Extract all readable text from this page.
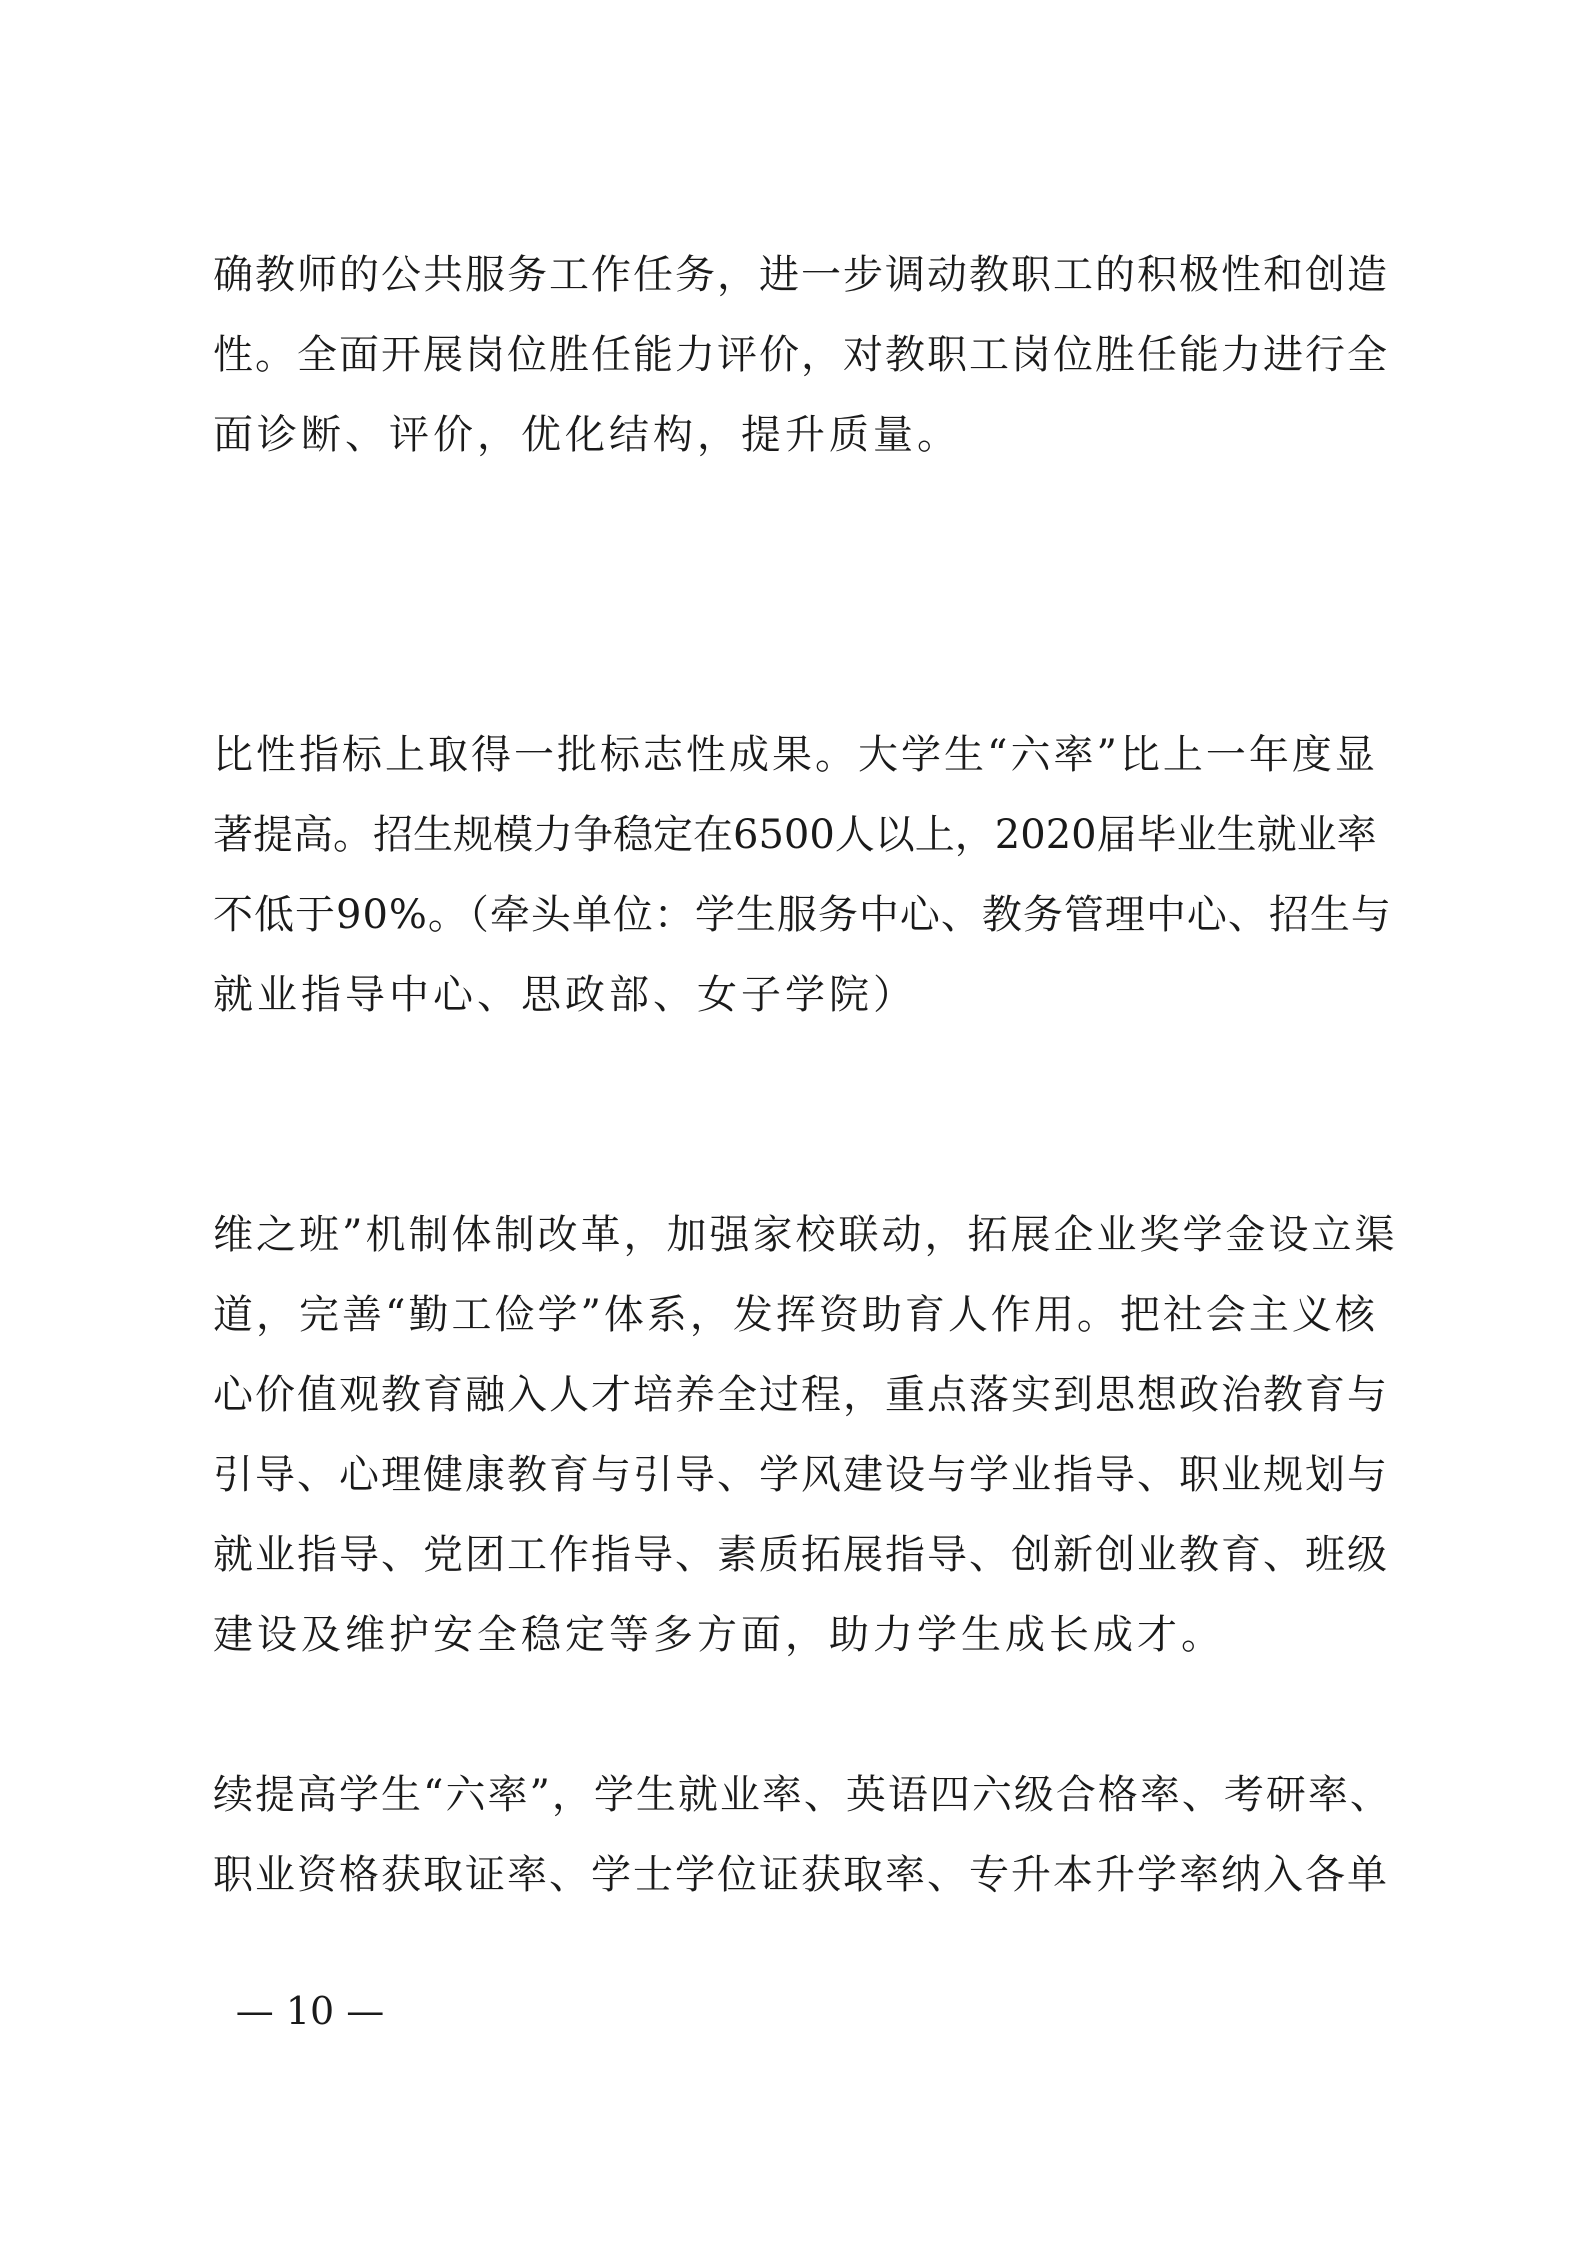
确教师的公共服务工作任务，进一步调动教职工的积极性和创造
性。全面开展岗位胜任能力评价，对教职工岗位胜任能力进行全
面诊断、评价，优化结构，提升质量。
比性指标上取得一批标志性成果。大学生“六率”比上一年度显
著提高。招生规模力争稳定在6500人以上，2020届毕业生就业率
不低于90%。（牵头单位：学生服务中心、教务管理中心、招生与
就业指导中心、思政部、女子学院）
维之班”机制体制改革，加强家校联动，拓展企业奖学金设立渠
道，完善“勤工俭学”体系，发挥资助育人作用。把社会主义核
心价值观教育融入人才培养全过程，重点落实到思想政治教育与
引导、心理健康教育与引导、学风建设与学业指导、职业规划与
就业指导、党团工作指导、素质拓展指导、创新创业教育、班级
建设及维护安全稳定等多方面，助力学生成长成才。
续提高学生“六率”，学生就业率、英语四六级合格率、考研率、
职业资格获取证率、学士学位证获取率、专升本升学率纳入各单
— 10 —
